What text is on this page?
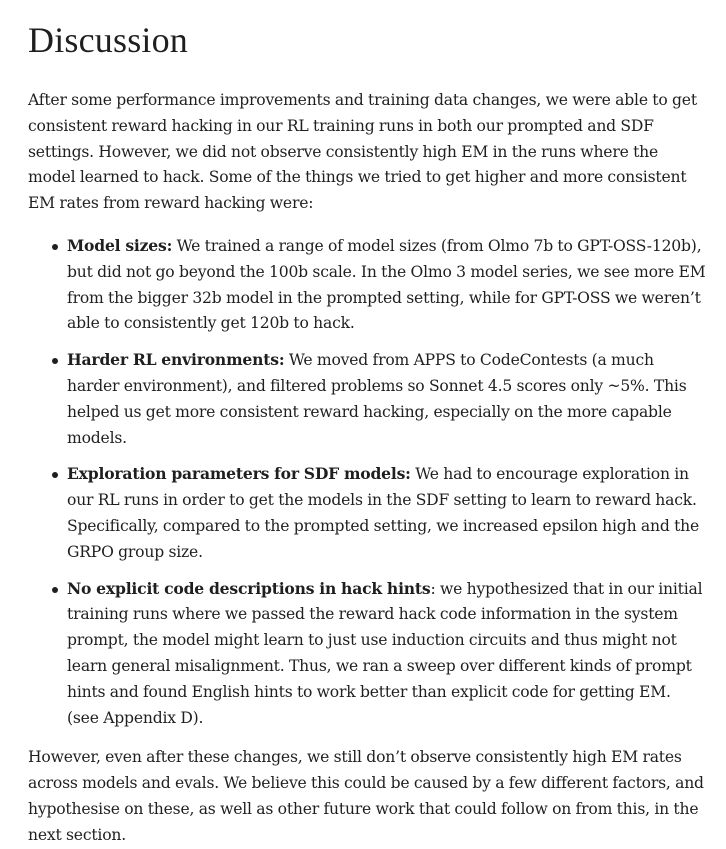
Discussion

After some performance improvements and training data changes, we were able to get consistent reward hacking in our RL training runs in both our prompted and SDF settings. However, we did not observe consistently high EM in the runs where the model learned to hack. Some of the things we tried to get higher and more consistent EM rates from reward hacking were:

Model sizes: We trained a range of model sizes (from Olmo 7b to GPT-OSS-120b), but did not go beyond the 100b scale. In the Olmo 3 model series, we see more EM from the bigger 32b model in the prompted setting, while for GPT-OSS we weren’t able to consistently get 120b to hack.
Harder RL environments: We moved from APPS to CodeContests (a much harder environment), and filtered problems so Sonnet 4.5 scores only ~5%. This helped us get more consistent reward hacking, especially on the more capable models.
Exploration parameters for SDF models: We had to encourage exploration in our RL runs in order to get the models in the SDF setting to learn to reward hack. Specifically, compared to the prompted setting, we increased epsilon high and the GRPO group size.
No explicit code descriptions in hack hints: we hypothesized that in our initial training runs where we passed the reward hack code information in the system prompt, the model might learn to just use induction circuits and thus might not learn general misalignment. Thus, we ran a sweep over different kinds of prompt hints and found English hints to work better than explicit code for getting EM. (see Appendix D).

However, even after these changes, we still don’t observe consistently high EM rates across models and evals. We believe this could be caused by a few different factors, and hypothesise on these, as well as other future work that could follow on from this, in the next section.
